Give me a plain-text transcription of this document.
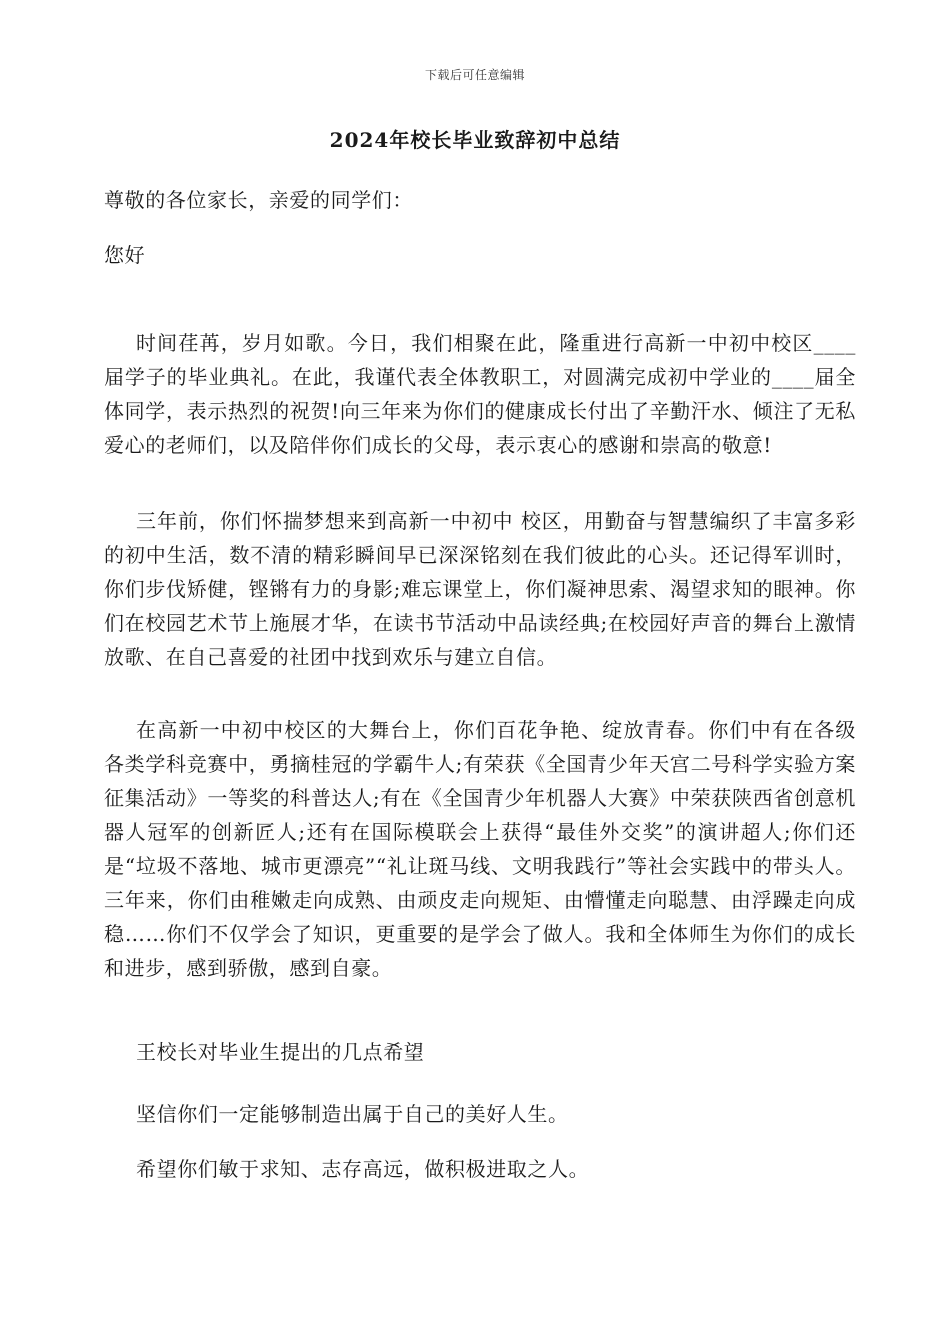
下载后可任意编辑
2024年校长毕业致辞初中总结

尊敬的各位家长，亲爱的同学们：

您好

时间荏苒，岁月如歌。今日，我们相聚在此，隆重进行高新一中初中校区____届学子的毕业典礼。在此，我谨代表全体教职工，对圆满完成初中学业的____届全体同学，表示热烈的祝贺!向三年来为你们的健康成长付出了辛勤汗水、倾注了无私爱心的老师们，以及陪伴你们成长的父母，表示衷心的感谢和崇高的敬意!

三年前，你们怀揣梦想来到高新一中初中 校区，用勤奋与智慧编织了丰富多彩的初中生活，数不清的精彩瞬间早已深深铭刻在我们彼此的心头。还记得军训时，你们步伐矫健，铿锵有力的身影;难忘课堂上，你们凝神思索、渴望求知的眼神。你们在校园艺术节上施展才华，在读书节活动中品读经典;在校园好声音的舞台上激情放歌、在自己喜爱的社团中找到欢乐与建立自信。

在高新一中初中校区的大舞台上，你们百花争艳、绽放青春。你们中有在各级各类学科竞赛中，勇摘桂冠的学霸牛人;有荣获《全国青少年天宫二号科学实验方案征集活动》一等奖的科普达人;有在《全国青少年机器人大赛》中荣获陕西省创意机器人冠军的创新匠人;还有在国际模联会上获得“最佳外交奖”的演讲超人;你们还是“垃圾不落地、城市更漂亮”“礼让斑马线、文明我践行”等社会实践中的带头人。三年来，你们由稚嫩走向成熟、由顽皮走向规矩、由懵懂走向聪慧、由浮躁走向成稳……你们不仅学会了知识，更重要的是学会了做人。我和全体师生为你们的成长和进步，感到骄傲，感到自豪。

王校长对毕业生提出的几点希望

坚信你们一定能够制造出属于自己的美好人生。

希望你们敏于求知、志存高远，做积极进取之人。
